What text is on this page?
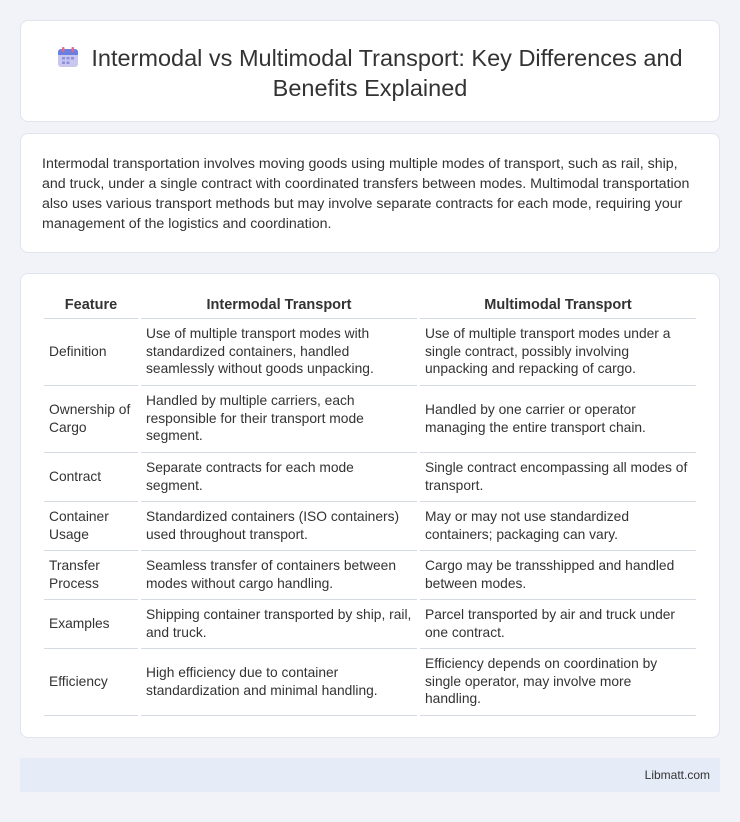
Intermodal vs Multimodal Transport: Key Differences and Benefits Explained

Intermodal transportation involves moving goods using multiple modes of transport, such as rail, ship, and truck, under a single contract with coordinated transfers between modes. Multimodal transportation also uses various transport methods but may involve separate contracts for each mode, requiring your management of the logistics and coordination.

Feature	Intermodal Transport	Multimodal Transport
Definition	Use of multiple transport modes with standardized containers, handled seamlessly without goods unpacking.	Use of multiple transport modes under a single contract, possibly involving unpacking and repacking of cargo.
Ownership of Cargo	Handled by multiple carriers, each responsible for their transport mode segment.	Handled by one carrier or operator managing the entire transport chain.
Contract	Separate contracts for each mode segment.	Single contract encompassing all modes of transport.
Container Usage	Standardized containers (ISO containers) used throughout transport.	May or may not use standardized containers; packaging can vary.
Transfer Process	Seamless transfer of containers between modes without cargo handling.	Cargo may be transshipped and handled between modes.
Examples	Shipping container transported by ship, rail, and truck.	Parcel transported by air and truck under one contract.
Efficiency	High efficiency due to container standardization and minimal handling.	Efficiency depends on coordination by single operator, may involve more handling.
Libmatt.com
